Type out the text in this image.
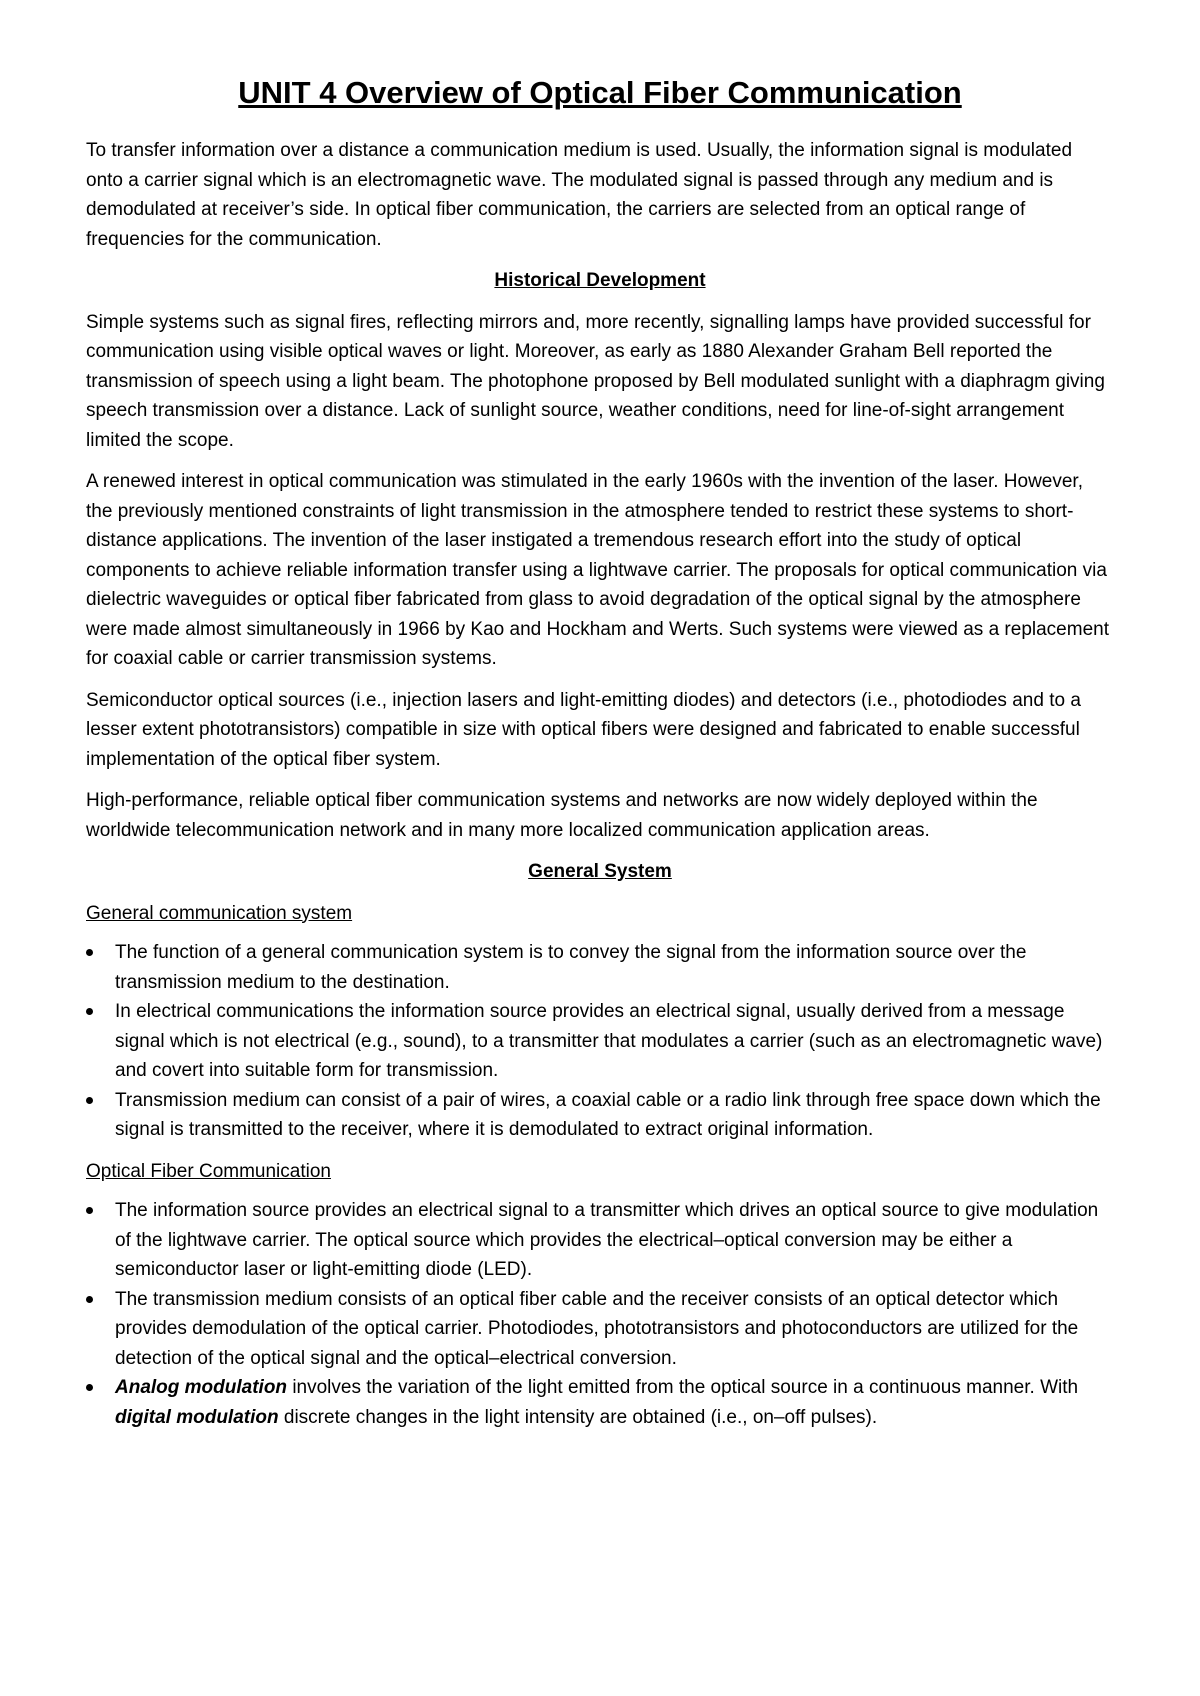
UNIT 4 Overview of Optical Fiber Communication

To transfer information over a distance a communication medium is used. Usually, the information signal is modulated onto a carrier signal which is an electromagnetic wave. The modulated signal is passed through any medium and is demodulated at receiver’s side. In optical fiber communication, the carriers are selected from an optical range of frequencies for the communication.

Historical Development

Simple systems such as signal fires, reflecting mirrors and, more recently, signalling lamps have provided successful for communication using visible optical waves or light. Moreover, as early as 1880 Alexander Graham Bell reported the transmission of speech using a light beam. The photophone proposed by Bell modulated sunlight with a diaphragm giving speech transmission over a distance. Lack of sunlight source, weather conditions, need for line-of-sight arrangement limited the scope.

A renewed interest in optical communication was stimulated in the early 1960s with the invention of the laser. However, the previously mentioned constraints of light transmission in the atmosphere tended to restrict these systems to short-distance applications. The invention of the laser instigated a tremendous research effort into the study of optical components to achieve reliable information transfer using a lightwave carrier. The proposals for optical communication via dielectric waveguides or optical fiber fabricated from glass to avoid degradation of the optical signal by the atmosphere were made almost simultaneously in 1966 by Kao and Hockham and Werts. Such systems were viewed as a replacement for coaxial cable or carrier transmission systems.

Semiconductor optical sources (i.e., injection lasers and light-emitting diodes) and detectors (i.e., photodiodes and to a lesser extent phototransistors) compatible in size with optical fibers were designed and fabricated to enable successful implementation of the optical fiber system.

High-performance, reliable optical fiber communication systems and networks are now widely deployed within the worldwide telecommunication network and in many more localized communication application areas.

General System
General communication system
The function of a general communication system is to convey the signal from the information source over the transmission medium to the destination.
In electrical communications the information source provides an electrical signal, usually derived from a message signal which is not electrical (e.g., sound), to a transmitter that modulates a carrier (such as an electromagnetic wave) and covert into suitable form for transmission.
Transmission medium can consist of a pair of wires, a coaxial cable or a radio link through free space down which the signal is transmitted to the receiver, where it is demodulated to extract original information.
Optical Fiber Communication
The information source provides an electrical signal to a transmitter which drives an optical source to give modulation of the lightwave carrier. The optical source which provides the electrical–optical conversion may be either a semiconductor laser or light-emitting diode (LED).
The transmission medium consists of an optical fiber cable and the receiver consists of an optical detector which provides demodulation of the optical carrier. Photodiodes, phototransistors and photoconductors are utilized for the detection of the optical signal and the optical–electrical conversion.
Analog modulation involves the variation of the light emitted from the optical source in a continuous manner. With digital modulation discrete changes in the light intensity are obtained (i.e., on–off pulses).
